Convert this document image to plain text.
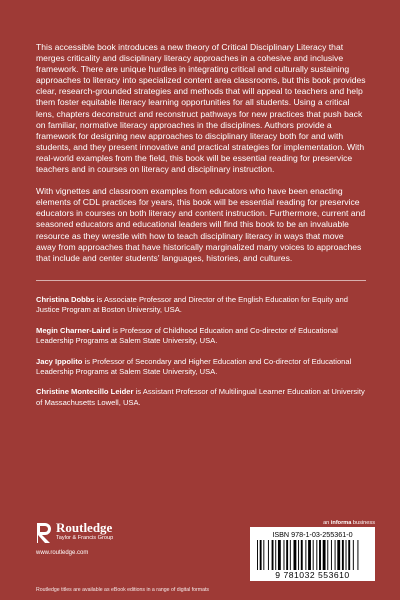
This accessible book introduces a new theory of Critical Disciplinary Literacy that merges criticality and disciplinary literacy approaches in a cohesive and inclusive framework. There are unique hurdles in integrating critical and culturally sustaining approaches to literacy into specialized content area classrooms, but this book provides clear, research-grounded strategies and methods that will appeal to teachers and help them foster equitable literacy learning opportunities for all students. Using a critical lens, chapters deconstruct and reconstruct pathways for new practices that push back on familiar, normative literacy approaches in the disciplines. Authors provide a framework for designing new approaches to disciplinary literacy both for and with students, and they present innovative and practical strategies for implementation. With real-world examples from the field, this book will be essential reading for preservice teachers and in courses on literacy and disciplinary instruction.

With vignettes and classroom examples from educators who have been enacting elements of CDL practices for years, this book will be essential reading for preservice educators in courses on both literacy and content instruction. Furthermore, current and seasoned educators and educational leaders will find this book to be an invaluable resource as they wrestle with how to teach disciplinary literacy in ways that move away from approaches that have historically marginalized many voices to approaches that include and center students' languages, histories, and cultures.

Christina Dobbs is Associate Professor and Director of the English Education for Equity and Justice Program at Boston University, USA.
Megin Charner-Laird is Professor of Childhood Education and Co-director of Educational Leadership Programs at Salem State University, USA.
Jacy Ippolito is Professor of Secondary and Higher Education and Co-director of Educational Leadership Programs at Salem State University, USA.
Christine Montecillo Leider is Assistant Professor of Multilingual Learner Education at University of Massachusetts Lowell, USA.
Routledge
Taylor & Francis Group
www.routledge.com
an informa business
ISBN 978-1-03-255361-0
9 781032 553610
Routledge titles are available as eBook editions in a range of digital formats
